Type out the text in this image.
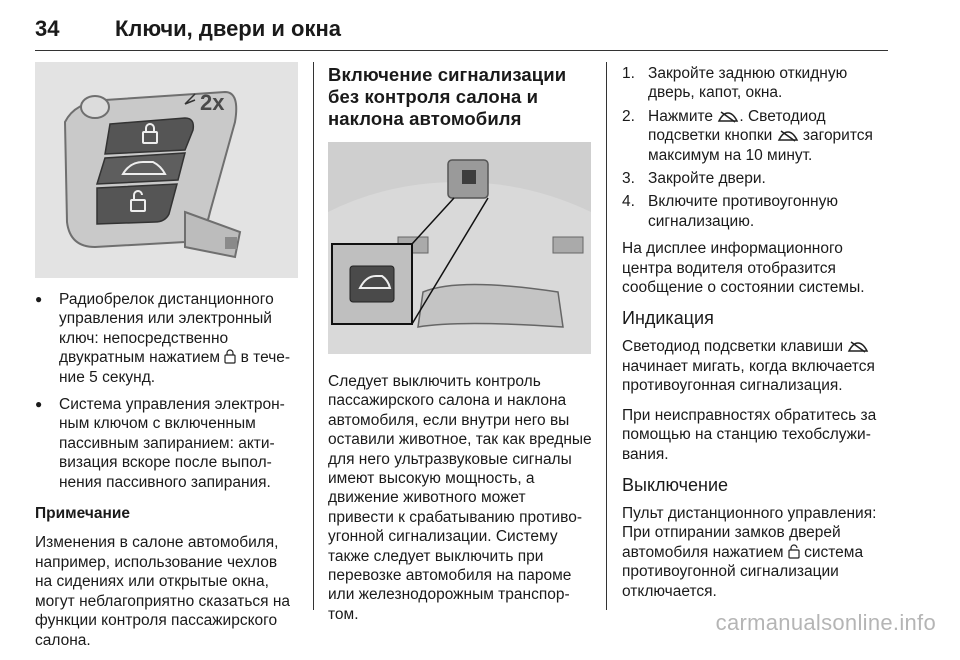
34	Ключи, двери и окна
2x
● Радиобрелок дистанционного управления или электронный ключ: непосредственно двукратным нажатием  в течение 5 секунд.
● Система управления электронным ключом с включенным пассивным запиранием: активизация вскоре после выполнения пассивного запирания.

Примечание

Изменения в салоне автомобиля, например, использование чехлов на сидениях или открытые окна, могут неблагоприятно сказаться на функции контроля пассажирского салона.

Включение сигнализации без контроля салона и наклона автомобиля

Следует выключить контроль пассажирского салона и наклона автомобиля, если внутри него вы оставили животное, так как вредные для него ультразвуковые сигналы имеют высокую мощность, а движение животного может привести к срабатыванию противоугонной сигнализации. Систему также следует выключить при перевозке автомобиля на пароме или железнодорожным транспортом.

1. Закройте заднюю откидную дверь, капот, окна.
2. Нажмите . Светодиод подсветки кнопки  загорится максимум на 10 минут.
3. Закройте двери.
4. Включите противоугонную сигнализацию.

На дисплее информационного центра водителя отобразится сообщение о состоянии системы.

Индикация

Светодиод подсветки клавиши  начинает мигать, когда включается противоугонная сигнализация.

При неисправностях обратитесь за помощью на станцию техобслуживания.

Выключение

Пульт дистанционного управления: При отпирании замков дверей автомобиля нажатием  система противоугонной сигнализации отключается.

carmanualsonline.info
